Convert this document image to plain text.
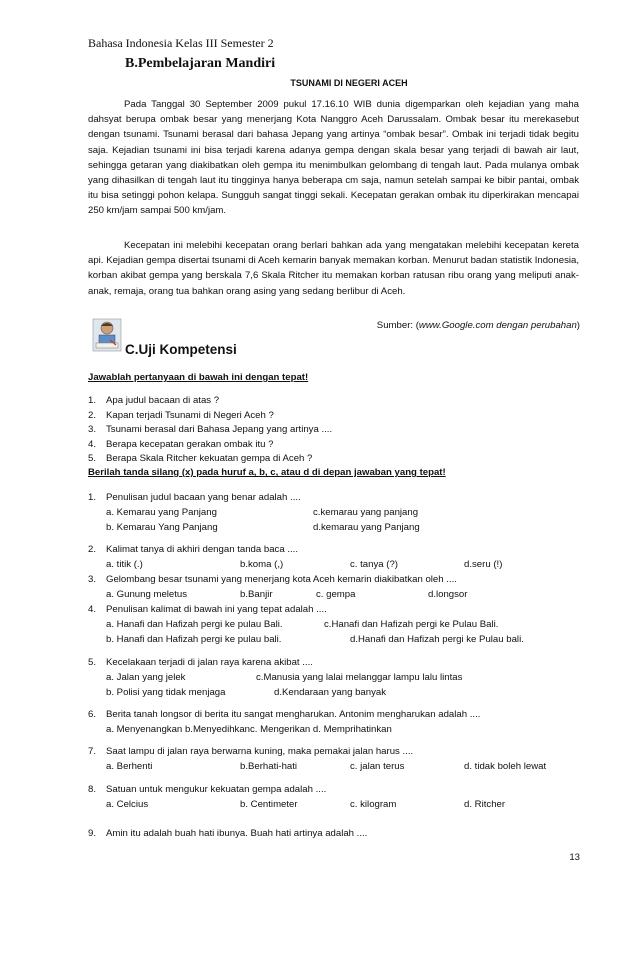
Bahasa Indonesia Kelas III Semester 2
B.Pembelajaran Mandiri
TSUNAMI DI NEGERI ACEH

Pada Tanggal 30 September 2009 pukul 17.16.10 WIB dunia digemparkan oleh kejadian yang maha dahsyat berupa ombak besar yang menerjang Kota Nanggro Aceh Darussalam. Ombak besar itu merekasebut dengan tsunami. Tsunami berasal dari bahasa Jepang yang artinya “ombak besar”. Ombak ini terjadi tidak begitu saja. Kejadian tsunami ini bisa terjadi karena adanya gempa dengan skala besar yang terjadi di bawah air laut, sehingga getaran yang diakibatkan oleh gempa itu menimbulkan gelombang di tengah laut. Pada mulanya ombak yang dihasilkan di tengah laut itu tingginya hanya beberapa cm saja, namun setelah sampai ke bibir pantai, ombak itu bisa setinggi pohon kelapa. Sungguh sangat tinggi sekali. Kecepatan gerakan ombak itu diperkirakan mencapai 250 km/jam sampai 500 km/jam.

Kecepatan ini melebihi kecepatan orang berlari bahkan ada yang mengatakan melebihi kecepatan kereta api. Kejadian gempa disertai tsunami di Aceh kemarin banyak memakan korban. Menurut badan statistik Indonesia, korban akibat gempa yang berskala 7,6 Skala Ritcher itu memakan korban ratusan ribu orang yang meliputi anak-anak, remaja, orang tua bahkan orang asing yang sedang berlibur di Aceh.

Sumber: (www.Google.com dengan perubahan)
C.Uji Kompetensi
Jawablah pertanyaan di bawah ini dengan tepat!
1. Apa judul bacaan di atas ?
2. Kapan terjadi Tsunami di Negeri Aceh ?
3. Tsunami berasal dari Bahasa Jepang yang artinya ....
4. Berapa kecepatan gerakan ombak itu ?
5. Berapa Skala Ritcher kekuatan gempa di Aceh ?
Berilah tanda silang (x) pada huruf a, b, c, atau d di depan jawaban yang tepat!
1. Penulisan judul bacaan yang benar adalah ....
a. Kemarau yang Panjang	c.kemarau yang panjang
b. Kemarau Yang Panjang	d.kemarau yang Panjang
2. Kalimat tanya di akhiri dengan tanda baca ....
a. titik (.)	b.koma (,)	c. tanya (?)	d.seru (!)
3. Gelombang besar tsunami yang menerjang kota Aceh kemarin diakibatkan oleh ....
a. Gunung meletus	b.Banjir	c. gempa	d.longsor
4. Penulisan kalimat di bawah ini yang tepat adalah ....
a. Hanafi dan Hafizah pergi ke pulau Bali.	c.Hanafi dan Hafizah pergi ke Pulau Bali.
b. Hanafi dan Hafizah pergi ke pulau bali.	d.Hanafi dan Hafizah pergi ke Pulau bali.
5. Kecelakaan terjadi di jalan raya karena akibat ....
a. Jalan yang jelek	c.Manusia yang lalai melanggar lampu lalu lintas
b. Polisi yang tidak menjaga	d.Kendaraan yang banyak
6. Berita tanah longsor di berita itu sangat mengharukan. Antonim mengharukan adalah ....
a. Menyenangkan b.Menyedihkanc. Mengerikan d. Memprihatinkan
7. Saat lampu di jalan raya berwarna kuning, maka pemakai jalan harus ....
a. Berhenti	b.Berhati-hati	c. jalan terus	d. tidak boleh lewat
8. Satuan untuk mengukur kekuatan gempa adalah ....
a. Celcius	b. Centimeter	c. kilogram	d. Ritcher
9. Amin itu adalah buah hati ibunya. Buah hati artinya adalah ....
13
